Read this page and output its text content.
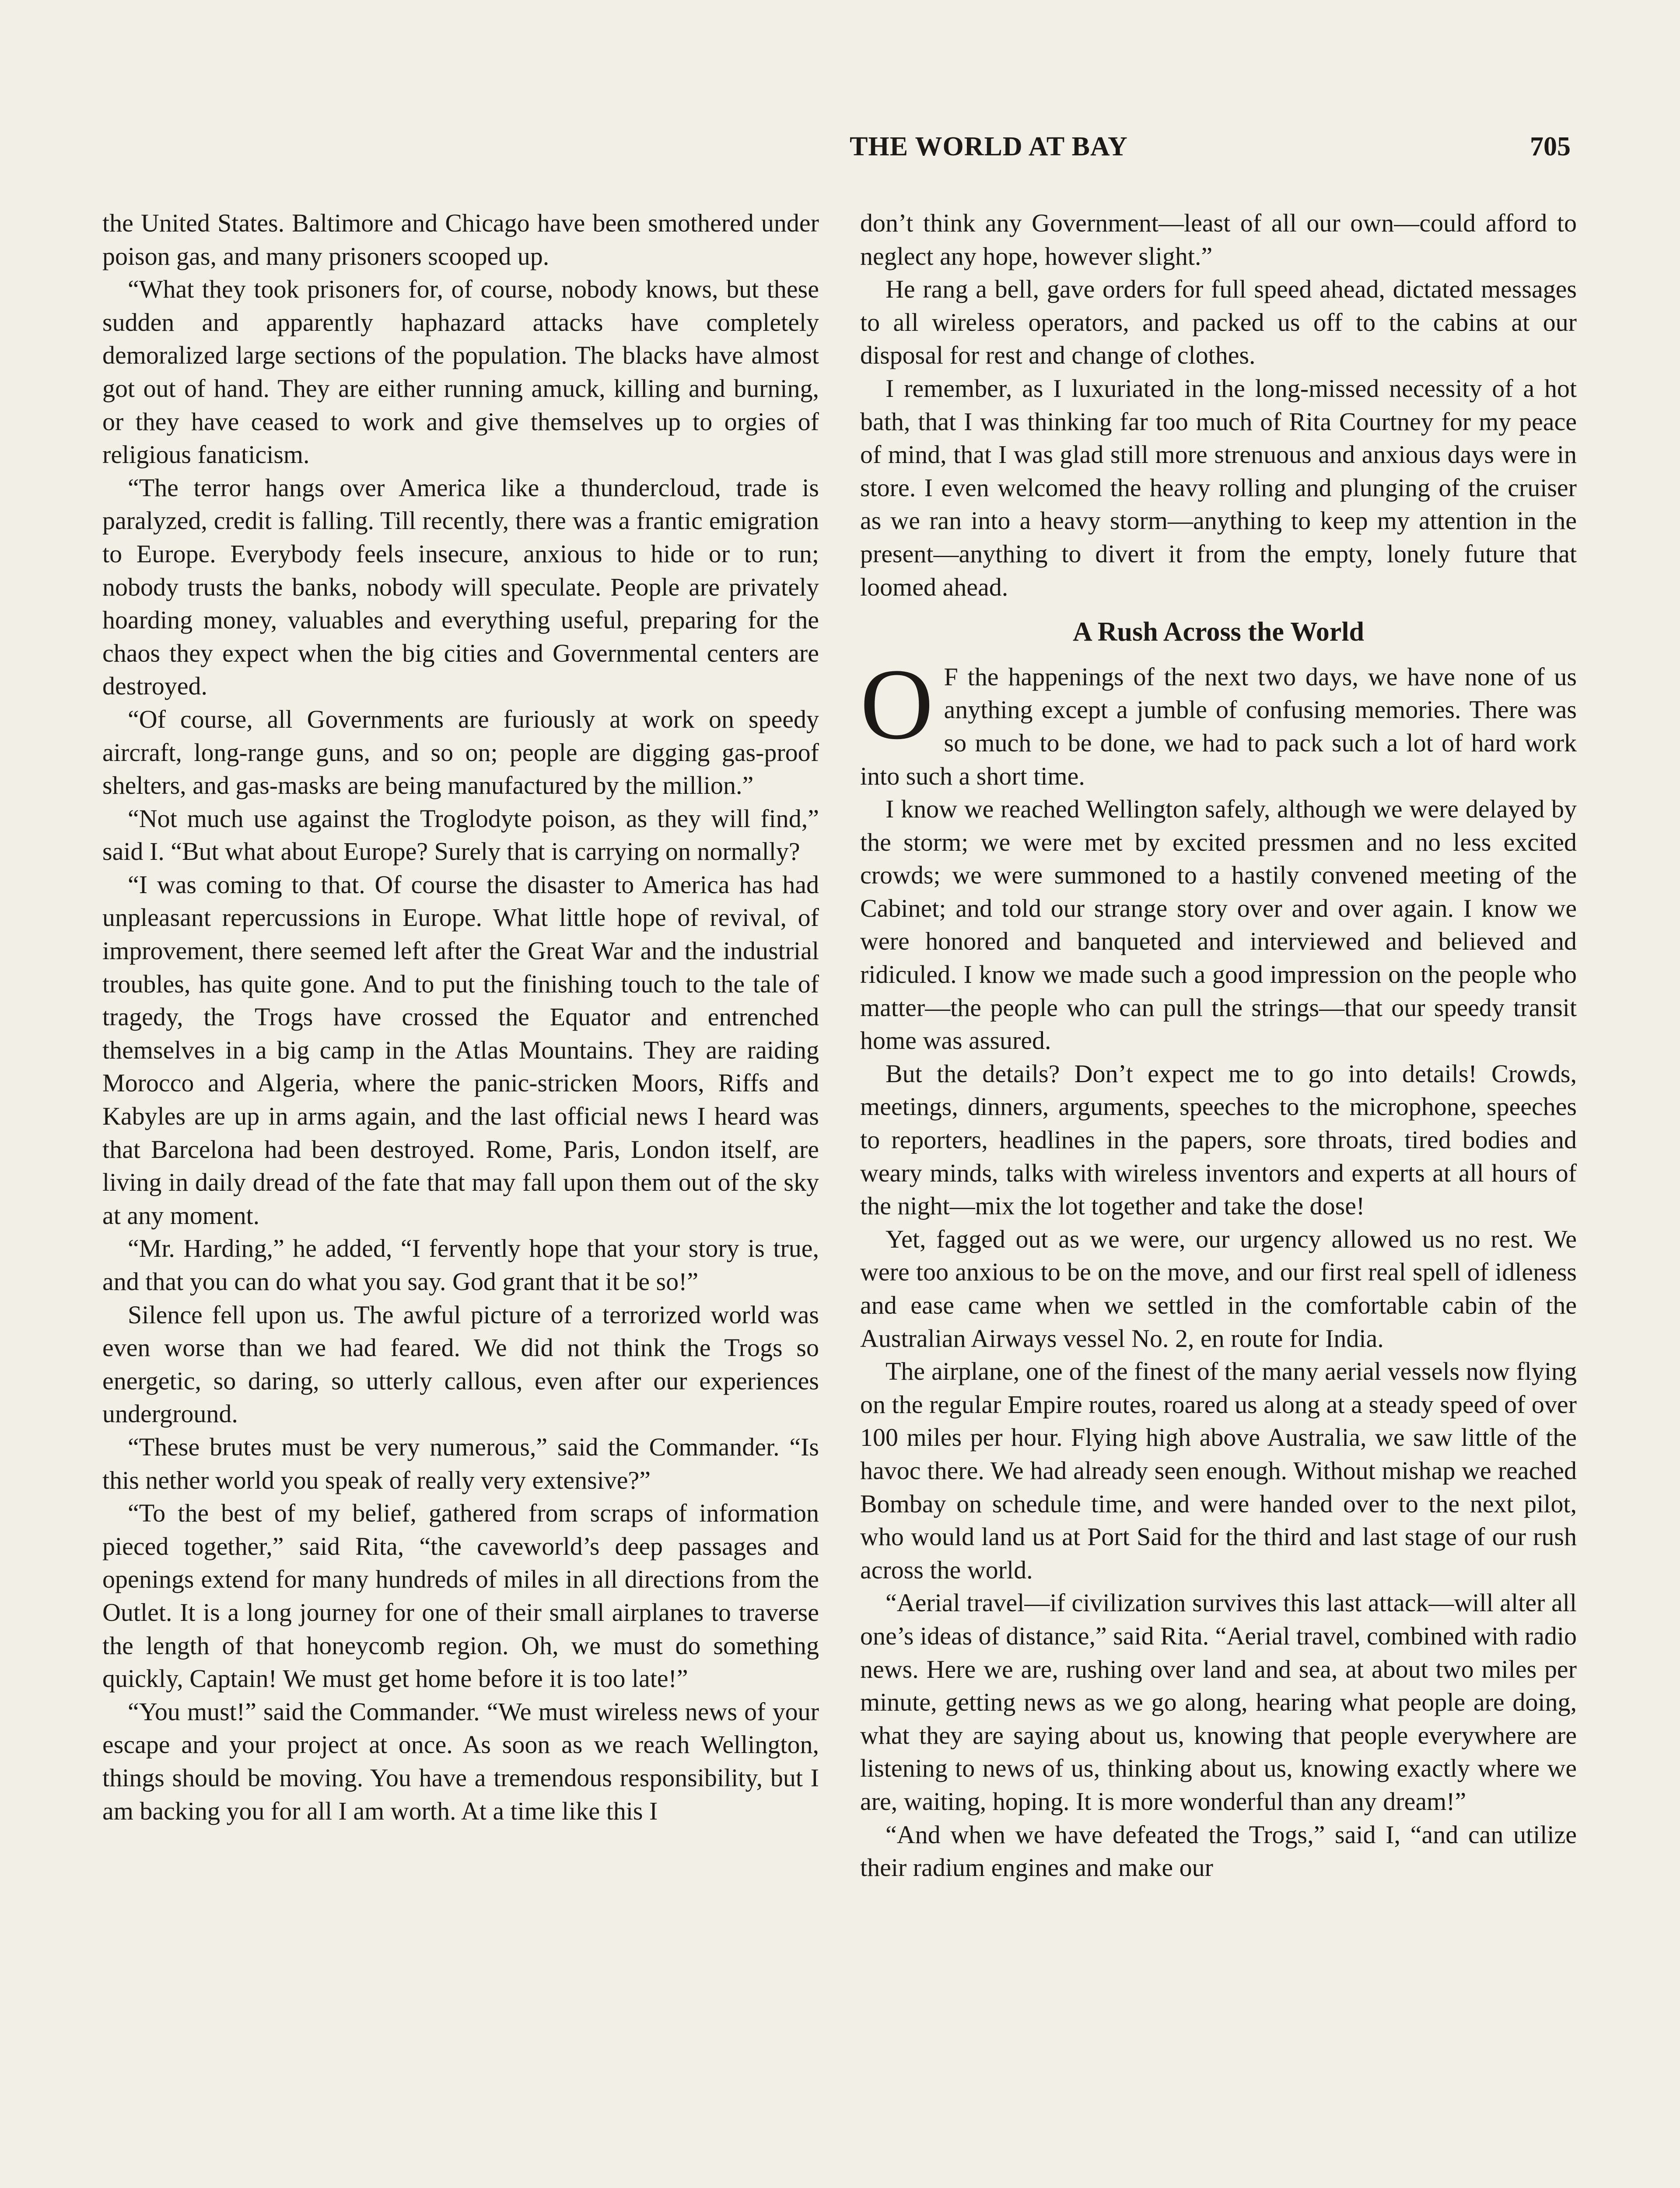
THE WORLD AT BAY	705

the United States. Baltimore and Chicago have been smothered under poison gas, and many prisoners scooped up.

“What they took prisoners for, of course, nobody knows, but these sudden and apparently haphazard attacks have completely demoralized large sections of the population. The blacks have almost got out of hand. They are either running amuck, killing and burning, or they have ceased to work and give themselves up to orgies of religious fanaticism.

“The terror hangs over America like a thundercloud, trade is paralyzed, credit is falling. Till recently, there was a frantic emigration to Europe. Everybody feels insecure, anxious to hide or to run; nobody trusts the banks, nobody will speculate. People are privately hoarding money, valuables and everything useful, preparing for the chaos they expect when the big cities and Governmental centers are destroyed.

“Of course, all Governments are furiously at work on speedy aircraft, long-range guns, and so on; people are digging gas-proof shelters, and gas-masks are being manufactured by the million.”

“Not much use against the Troglodyte poison, as they will find,” said I. “But what about Europe? Surely that is carrying on normally?

“I was coming to that. Of course the disaster to America has had unpleasant repercussions in Europe. What little hope of revival, of improvement, there seemed left after the Great War and the industrial troubles, has quite gone. And to put the finishing touch to the tale of tragedy, the Trogs have crossed the Equator and entrenched themselves in a big camp in the Atlas Mountains. They are raiding Morocco and Algeria, where the panic-stricken Moors, Riffs and Kabyles are up in arms again, and the last official news I heard was that Barcelona had been destroyed. Rome, Paris, London itself, are living in daily dread of the fate that may fall upon them out of the sky at any moment.

“Mr. Harding,” he added, “I fervently hope that your story is true, and that you can do what you say. God grant that it be so!”

Silence fell upon us. The awful picture of a terrorized world was even worse than we had feared. We did not think the Trogs so energetic, so daring, so utterly callous, even after our experiences underground.

“These brutes must be very numerous,” said the Commander. “Is this nether world you speak of really very extensive?”

“To the best of my belief, gathered from scraps of information pieced together,” said Rita, “the caveworld’s deep passages and openings extend for many hundreds of miles in all directions from the Outlet. It is a long journey for one of their small airplanes to traverse the length of that honeycomb region. Oh, we must do something quickly, Captain! We must get home before it is too late!”

“You must!” said the Commander. “We must wireless news of your escape and your project at once. As soon as we reach Wellington, things should be moving. You have a tremendous responsibility, but I am backing you for all I am worth. At a time like this I

don’t think any Government—least of all our own—could afford to neglect any hope, however slight.”

He rang a bell, gave orders for full speed ahead, dictated messages to all wireless operators, and packed us off to the cabins at our disposal for rest and change of clothes.

I remember, as I luxuriated in the long-missed necessity of a hot bath, that I was thinking far too much of Rita Courtney for my peace of mind, that I was glad still more strenuous and anxious days were in store. I even welcomed the heavy rolling and plunging of the cruiser as we ran into a heavy storm—anything to keep my attention in the present—anything to divert it from the empty, lonely future that loomed ahead.

A Rush Across the World

O F the happenings of the next two days, we have none of us anything except a jumble of confusing memories. There was so much to be done, we had to pack such a lot of hard work into such a short time.

I know we reached Wellington safely, although we were delayed by the storm; we were met by excited pressmen and no less excited crowds; we were summoned to a hastily convened meeting of the Cabinet; and told our strange story over and over again. I know we were honored and banqueted and interviewed and believed and ridiculed. I know we made such a good impression on the people who matter—the people who can pull the strings—that our speedy transit home was assured.

But the details? Don’t expect me to go into details! Crowds, meetings, dinners, arguments, speeches to the microphone, speeches to reporters, headlines in the papers, sore throats, tired bodies and weary minds, talks with wireless inventors and experts at all hours of the night—mix the lot together and take the dose!

Yet, fagged out as we were, our urgency allowed us no rest. We were too anxious to be on the move, and our first real spell of idleness and ease came when we settled in the comfortable cabin of the Australian Airways vessel No. 2, en route for India.

The airplane, one of the finest of the many aerial vessels now flying on the regular Empire routes, roared us along at a steady speed of over 100 miles per hour. Flying high above Australia, we saw little of the havoc there. We had already seen enough. Without mishap we reached Bombay on schedule time, and were handed over to the next pilot, who would land us at Port Said for the third and last stage of our rush across the world.

“Aerial travel—if civilization survives this last attack—will alter all one’s ideas of distance,” said Rita. “Aerial travel, combined with radio news. Here we are, rushing over land and sea, at about two miles per minute, getting news as we go along, hearing what people are doing, what they are saying about us, knowing that people everywhere are listening to news of us, thinking about us, knowing exactly where we are, waiting, hoping. It is more wonderful than any dream!”

“And when we have defeated the Trogs,” said I, “and can utilize their radium engines and make our
